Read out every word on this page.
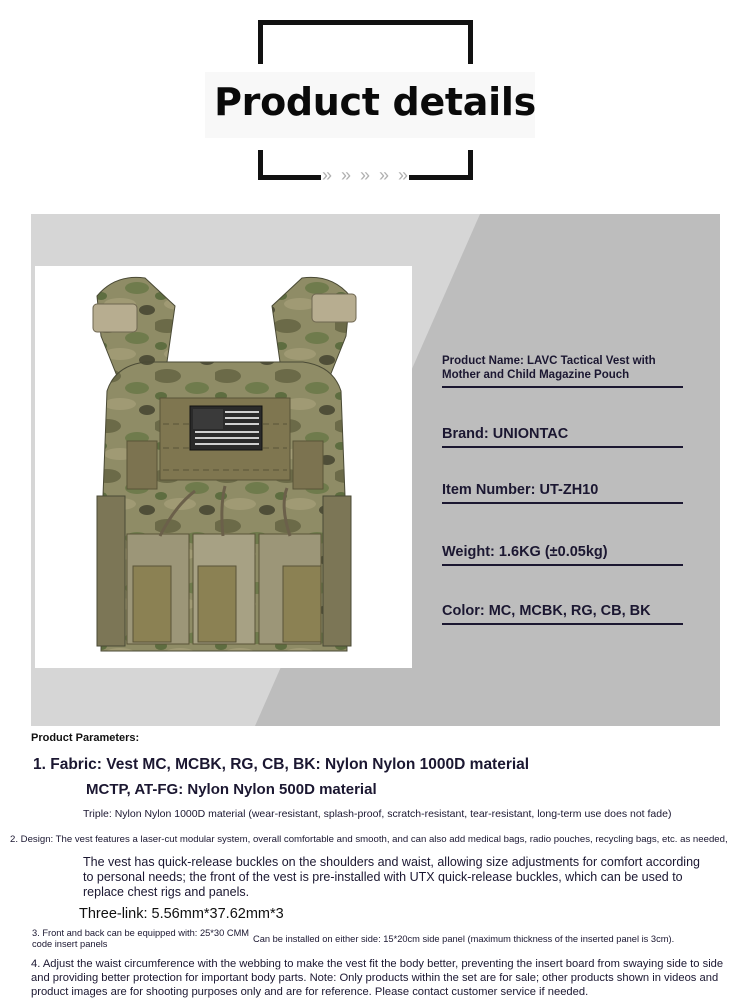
Product details
» » » » »
Product Name: LAVC Tactical Vest with Mother and Child Magazine Pouch
Brand: UNIONTAC
Item Number: UT-ZH10
Weight: 1.6KG (±0.05kg)
Color: MC, MCBK, RG, CB, BK
Product Parameters:
1. Fabric: Vest MC, MCBK, RG, CB, BK: Nylon Nylon 1000D material
MCTP, AT-FG: Nylon Nylon 500D material
Triple: Nylon Nylon 1000D material (wear-resistant, splash-proof, scratch-resistant, tear-resistant, long-term use does not fade)
2. Design: The vest features a laser-cut modular system, overall comfortable and smooth, and can also add medical bags, radio pouches, recycling bags, etc. as needed,
The vest has quick-release buckles on the shoulders and waist, allowing size adjustments for comfort according to personal needs; the front of the vest is pre-installed with UTX quick-release buckles, which can be used to replace chest rigs and panels.
Three-link: 5.56mm*37.62mm*3
3. Front and back can be equipped with: 25*30 CMM code insert panels	Can be installed on either side: 15*20cm side panel (maximum thickness of the inserted panel is 3cm).
4. Adjust the waist circumference with the webbing to make the vest fit the body better, preventing the insert board from swaying side to side and providing better protection for important body parts. Note: Only products within the set are for sale; other products shown in videos and product images are for shooting purposes only and are for reference. Please contact customer service if needed.
